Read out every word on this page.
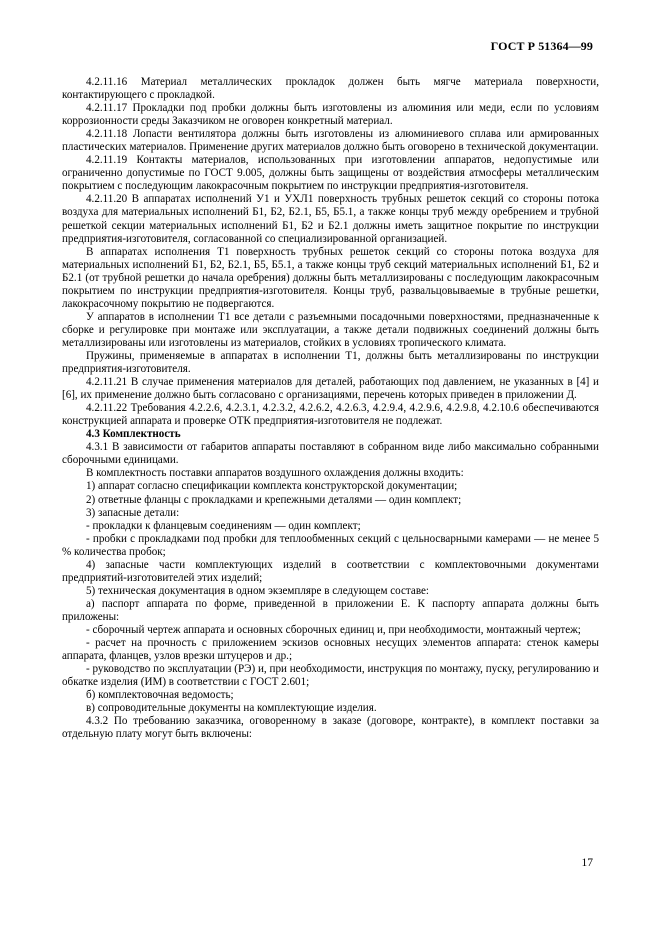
ГОСТ Р 51364—99

4.2.11.16 Материал металлических прокладок должен быть мягче материала поверхности, контактирующего с прокладкой.

4.2.11.17 Прокладки под пробки должны быть изготовлены из алюминия или меди, если по условиям коррозионности среды Заказчиком не оговорен конкретный материал.

4.2.11.18 Лопасти вентилятора должны быть изготовлены из алюминиевого сплава или армированных пластических материалов. Применение других материалов должно быть оговорено в технической документации.

4.2.11.19 Контакты материалов, использованных при изготовлении аппаратов, недопустимые или ограниченно допустимые по ГОСТ 9.005, должны быть защищены от воздействия атмосферы металлическим покрытием с последующим лакокрасочным покрытием по инструкции предприятия-изготовителя.

4.2.11.20 В аппаратах исполнений У1 и УХЛ1 поверхность трубных решеток секций со стороны потока воздуха для материальных исполнений Б1, Б2, Б2.1, Б5, Б5.1, а также концы труб между оребрением и трубной решеткой секции материальных исполнений Б1, Б2 и Б2.1 должны иметь защитное покрытие по инструкции предприятия-изготовителя, согласованной со специализированной организацией.

В аппаратах исполнения Т1 поверхность трубных решеток секций со стороны потока воздуха для материальных исполнений Б1, Б2, Б2.1, Б5, Б5.1, а также концы труб секций материальных исполнений Б1, Б2 и Б2.1 (от трубной решетки до начала оребрения) должны быть металлизированы с последующим лакокрасочным покрытием по инструкции предприятия-изготовителя. Концы труб, развальцовываемые в трубные решетки, лакокрасочному покрытию не подвергаются.

У аппаратов в исполнении Т1 все детали с разъемными посадочными поверхностями, предназначенные к сборке и регулировке при монтаже или эксплуатации, а также детали подвижных соединений должны быть металлизированы или изготовлены из материалов, стойких в условиях тропического климата.

Пружины, применяемые в аппаратах в исполнении Т1, должны быть металлизированы по инструкции предприятия-изготовителя.

4.2.11.21 В случае применения материалов для деталей, работающих под давлением, не указанных в [4] и [6], их применение должно быть согласовано с организациями, перечень которых приведен в приложении Д.

4.2.11.22 Требования 4.2.2.6, 4.2.3.1, 4.2.3.2, 4.2.6.2, 4.2.6.3, 4.2.9.4, 4.2.9.6, 4.2.9.8, 4.2.10.6 обеспечиваются конструкцией аппарата и проверке ОТК предприятия-изготовителя не подлежат.

4.3 Комплектность

4.3.1 В зависимости от габаритов аппараты поставляют в собранном виде либо максимально собранными сборочными единицами.

В комплектность поставки аппаратов воздушного охлаждения должны входить:

1) аппарат согласно спецификации комплекта конструкторской документации;

2) ответные фланцы с прокладками и крепежными деталями — один комплект;

3) запасные детали:

- прокладки к фланцевым соединениям — один комплект;

- пробки с прокладками под пробки для теплообменных секций с цельносварными камерами — не менее 5 % количества пробок;

4) запасные части комплектующих изделий в соответствии с комплектовочными документами предприятий-изготовителей этих изделий;

5) техническая документация в одном экземпляре в следующем составе:

а) паспорт аппарата по форме, приведенной в приложении Е. К паспорту аппарата должны быть приложены:

- сборочный чертеж аппарата и основных сборочных единиц и, при необходимости, монтажный чертеж;

- расчет на прочность с приложением эскизов основных несущих элементов аппарата: стенок камеры аппарата, фланцев, узлов врезки штуцеров и др.;

- руководство по эксплуатации (РЭ) и, при необходимости, инструкция по монтажу, пуску, регулированию и обкатке изделия (ИМ) в соответствии с ГОСТ 2.601;

б) комплектовочная ведомость;

в) сопроводительные документы на комплектующие изделия.

4.3.2 По требованию заказчика, оговоренному в заказе (договоре, контракте), в комплект поставки за отдельную плату могут быть включены:

17
